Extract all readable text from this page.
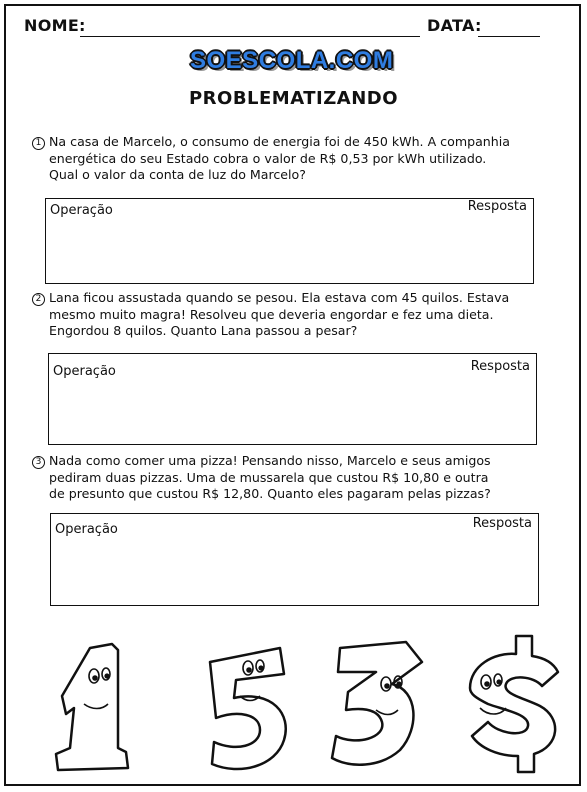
NOME:	DATA:
SOESCOLA.COM
PROBLEMATIZANDO
1 Na casa de Marcelo, o consumo de energia foi de 450 kWh. A companhia
energética do seu Estado cobra o valor de R$ 0,53 por kWh utilizado.
Qual o valor da conta de luz do Marcelo?
Operação	Resposta
2 Lana ficou assustada quando se pesou. Ela estava com 45 quilos. Estava
mesmo muito magra! Resolveu que deveria engordar e fez uma dieta.
Engordou 8 quilos. Quanto Lana passou a pesar?
Operação	Resposta
3 Nada como comer uma pizza! Pensando nisso, Marcelo e seus amigos
pediram duas pizzas. Uma de mussarela que custou R$ 10,80 e outra
de presunto que custou R$ 12,80. Quanto eles pagaram pelas pizzas?
Operação	Resposta
